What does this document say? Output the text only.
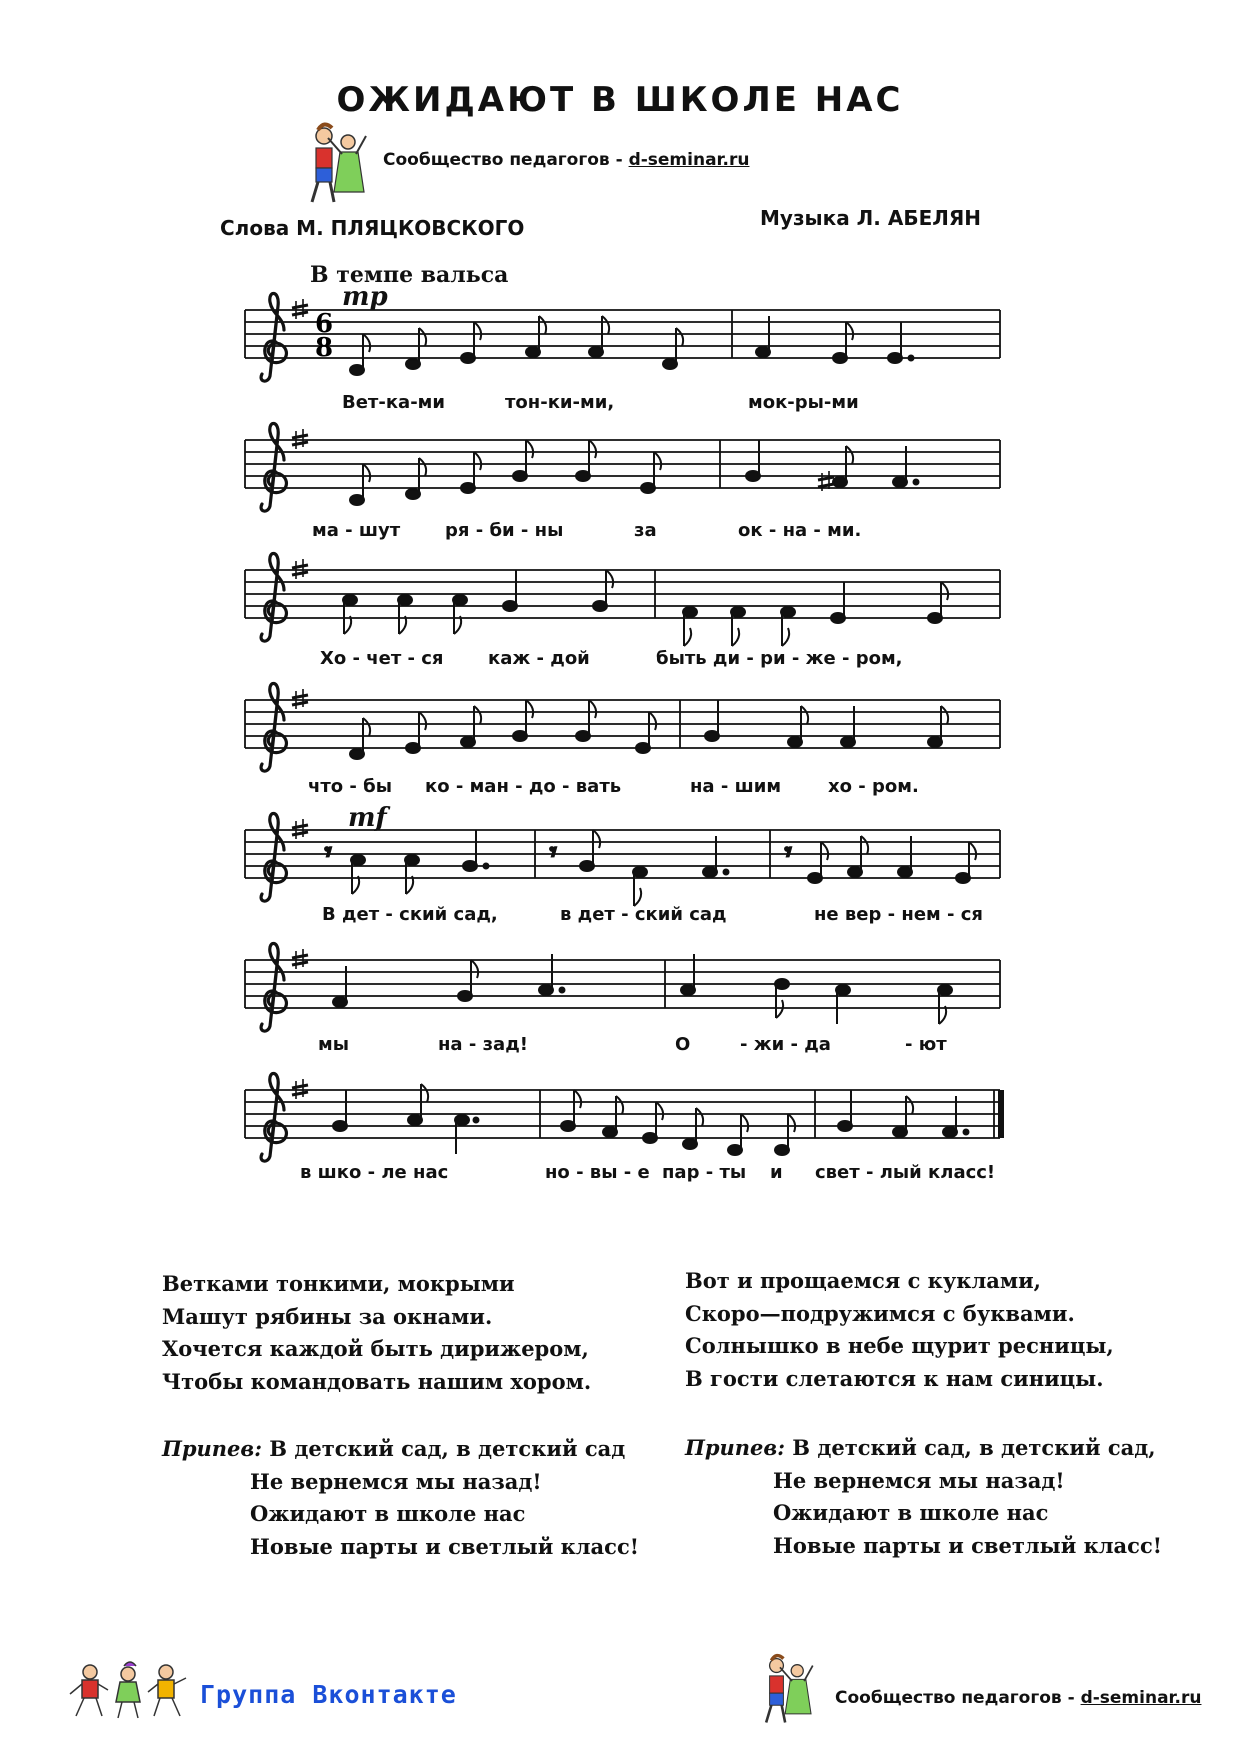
ОЖИДАЮТ В ШКОЛЕ НАС
Сообщество педагогов - d-seminar.ru
Слова М. ПЛЯЦКОВСКОГО	Музыка Л. АБЕЛЯН
В темпе вальса
6
8
𝄾	𝄾	𝄾
mp
mf
Вет-ка-ми	тон-ки-ми,	мок-ры-ми
ма - шут ря - би - ны	за	ок - на - ми.
Хо - чет - ся каж - дой	быть ди - ри - же - ром,
что - бы ко - ман - до - вать	на - шим	хо - ром.
В дет - ский сад,	в дет - ский сад	не вер - нем - ся
мы	на - зад!	О	- жи - да	- ют
в шко - ле нас	но - вы - е пар - ты и свет - лый класс!
Ветками тонкими, мокрыми
Машут рябины за окнами.
Хочется каждой быть дирижером,
Чтобы командовать нашим хором.
Припев: В детский сад, в детский сад
Не вернемся мы назад!
Ожидают в школе нас
Новые парты и светлый класс!
Вот и прощаемся с куклами,
Скоро—подружимся с буквами.
Солнышко в небе щурит ресницы,
В гости слетаются к нам синицы.
Припев: В детский сад, в детский сад,
Не вернемся мы назад!
Ожидают в школе нас
Новые парты и светлый класс!
Группа Вконтакте	Сообщество педагогов - d-seminar.ru
